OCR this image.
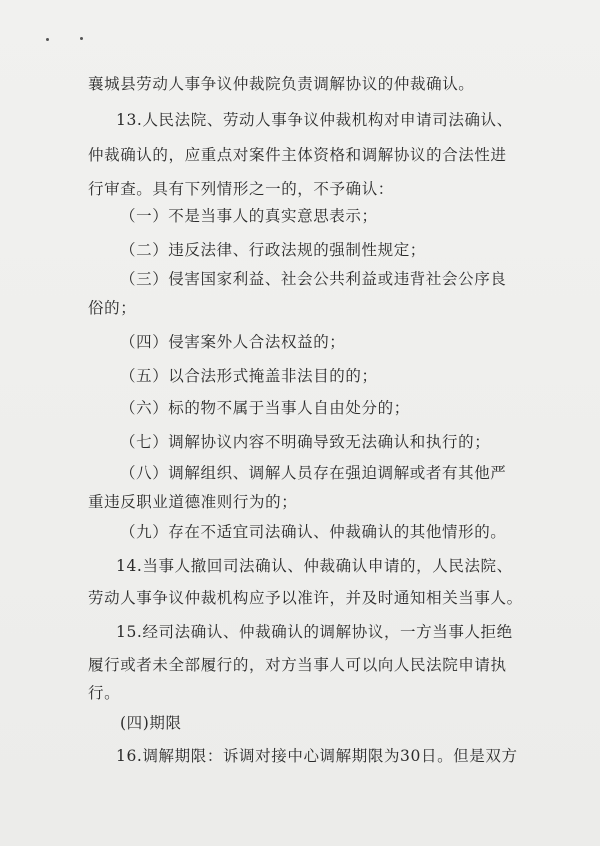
襄城县劳动人事争议仲裁院负责调解协议的仲裁确认。
13.人民法院、劳动人事争议仲裁机构对申请司法确认、
仲裁确认的，应重点对案件主体资格和调解协议的合法性进
行审查。具有下列情形之一的，不予确认：
（一）不是当事人的真实意思表示；
（二）违反法律、行政法规的强制性规定；
（三）侵害国家利益、社会公共利益或违背社会公序良
俗的；
（四）侵害案外人合法权益的；
（五）以合法形式掩盖非法目的的；
（六）标的物不属于当事人自由处分的；
（七）调解协议内容不明确导致无法确认和执行的；
（八）调解组织、调解人员存在强迫调解或者有其他严
重违反职业道德准则行为的；
（九）存在不适宜司法确认、仲裁确认的其他情形的。
14.当事人撤回司法确认、仲裁确认申请的，人民法院、
劳动人事争议仲裁机构应予以准许，并及时通知相关当事人。
15.经司法确认、仲裁确认的调解协议，一方当事人拒绝
履行或者未全部履行的，对方当事人可以向人民法院申请执
行。
(四)期限
16.调解期限：诉调对接中心调解期限为30日。但是双方
